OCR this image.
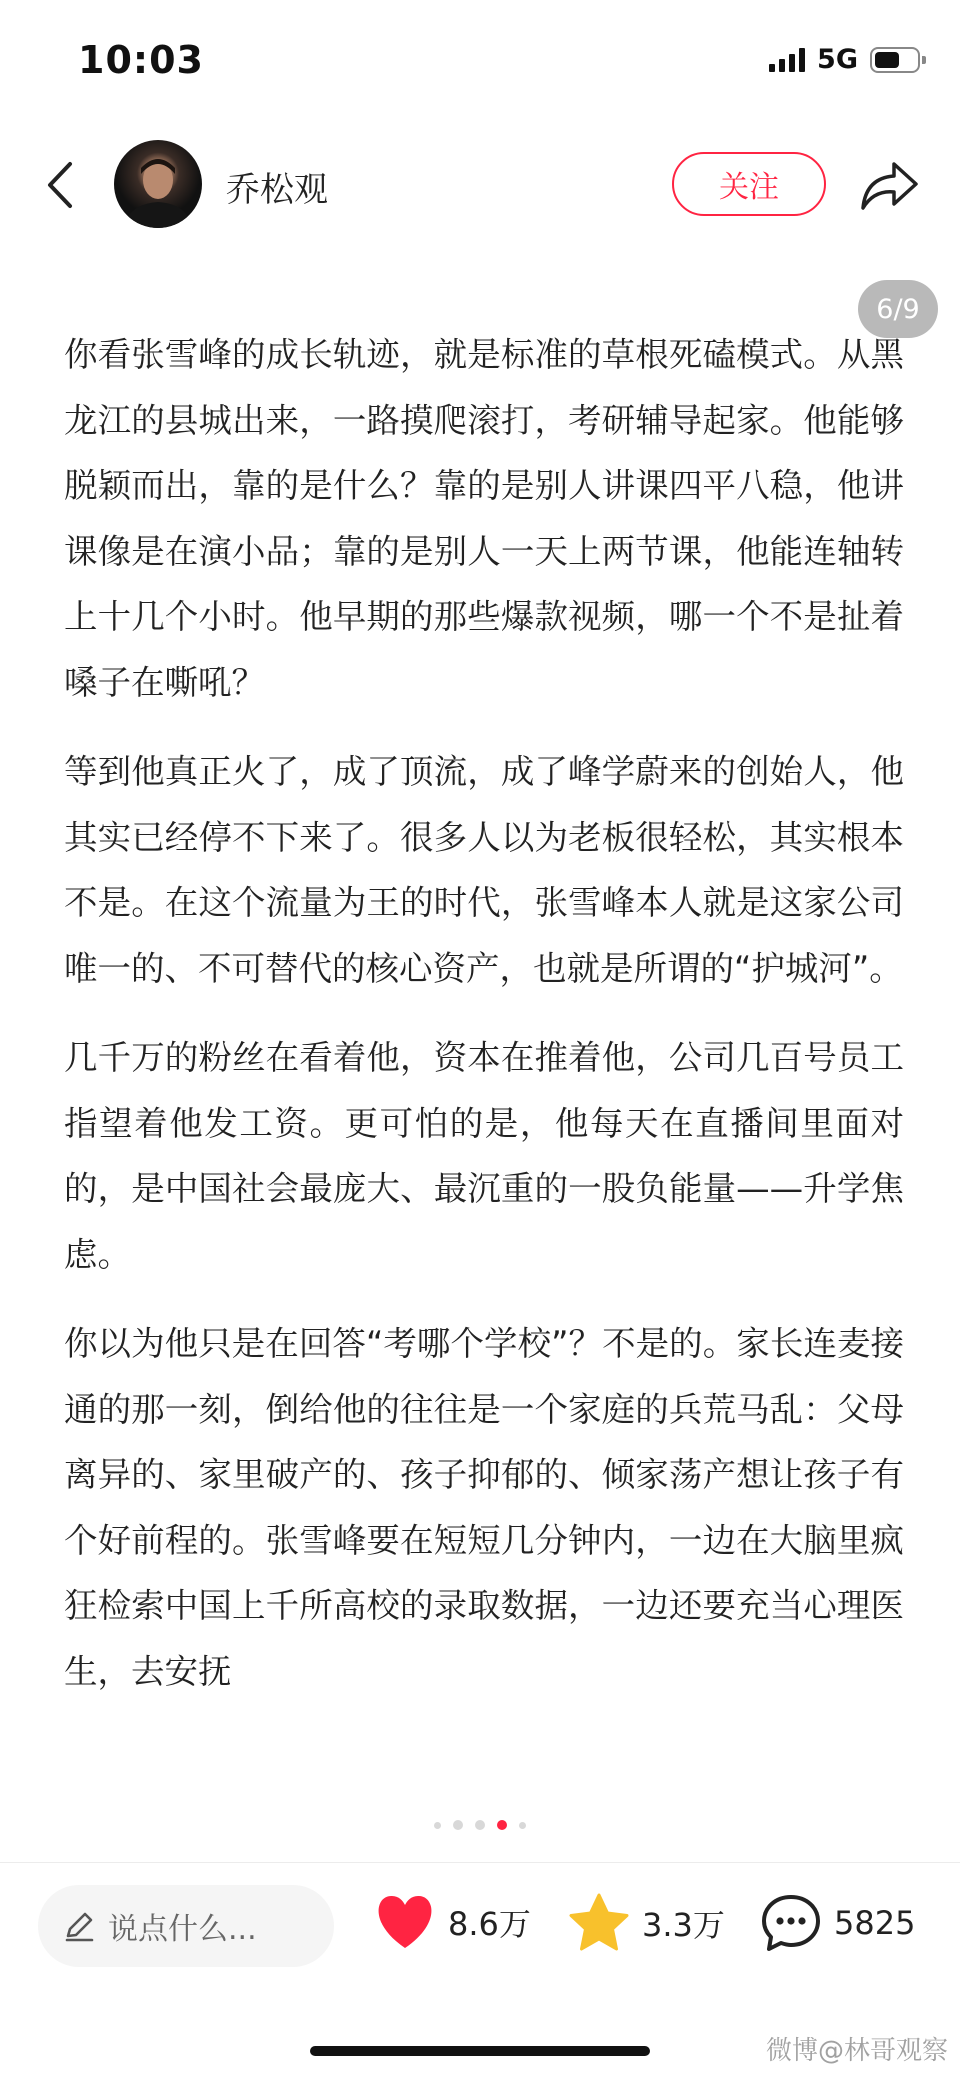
10:03	5G
乔松观	关注
6/9

你看张雪峰的成长轨迹，就是标准的草根死磕模式。从黑龙江的县城出来，一路摸爬滚打，考研辅导起家。他能够脱颖而出，靠的是什么？靠的是别人讲课四平八稳，他讲课像是在演小品；靠的是别人一天上两节课，他能连轴转上十几个小时。他早期的那些爆款视频，哪一个不是扯着嗓子在嘶吼？

等到他真正火了，成了顶流，成了峰学蔚来的创始人，他其实已经停不下来了。很多人以为老板很轻松，其实根本不是。在这个流量为王的时代，张雪峰本人就是这家公司唯一的、不可替代的核心资产，也就是所谓的“护城河”。

几千万的粉丝在看着他，资本在推着他，公司几百号员工指望着他发工资。更可怕的是，他每天在直播间里面对的，是中国社会最庞大、最沉重的一股负能量——升学焦虑。

你以为他只是在回答“考哪个学校”？不是的。家长连麦接通的那一刻，倒给他的往往是一个家庭的兵荒马乱：父母离异的、家里破产的、孩子抑郁的、倾家荡产想让孩子有个好前程的。张雪峰要在短短几分钟内，一边在大脑里疯狂检索中国上千所高校的录取数据，一边还要充当心理医生，去安抚

说点什么...	8.6万	3.3万	5825
微博@林哥观察
